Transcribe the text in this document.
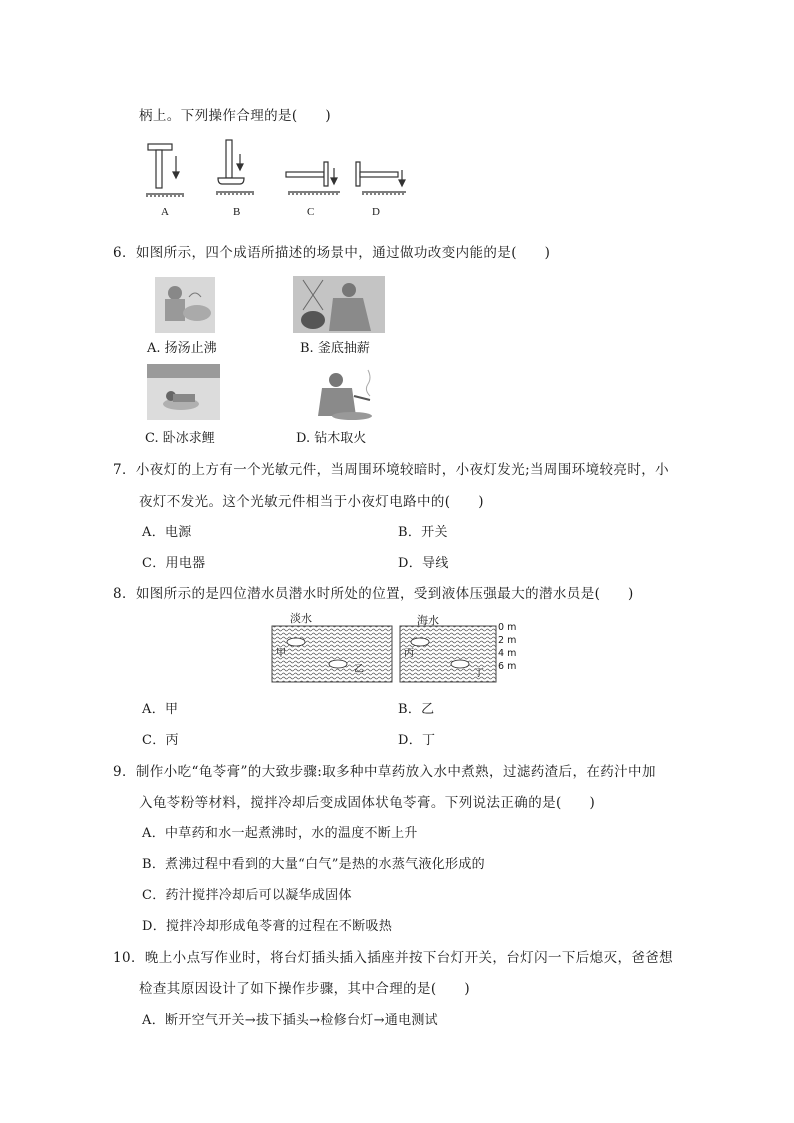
柄上。下列操作合理的是(　　)
A	B	C	D
6．如图所示，四个成语所描述的场景中，通过做功改变内能的是(　　)
A. 扬汤止沸	B. 釜底抽薪
C. 卧冰求鲤	D. 钻木取火
7．小夜灯的上方有一个光敏元件，当周围环境较暗时，小夜灯发光;当周围环境较亮时，小
夜灯不发光。这个光敏元件相当于小夜灯电路中的(　　)
A．电源	B．开关
C．用电器	D．导线
8．如图所示的是四位潜水员潜水时所处的位置，受到液体压强最大的潜水员是(　　)
淡水	海水
甲
乙
丙
丁
0 m
2 m
4 m
6 m
A．甲	B．乙
C．丙	D．丁
9．制作小吃“龟苓膏”的大致步骤:取多种中草药放入水中煮熟，过滤药渣后，在药汁中加
入龟苓粉等材料，搅拌冷却后变成固体状龟苓膏。下列说法正确的是(　　)
A．中草药和水一起煮沸时，水的温度不断上升
B．煮沸过程中看到的大量“白气”是热的水蒸气液化形成的
C．药汁搅拌冷却后可以凝华成固体
D．搅拌冷却形成龟苓膏的过程在不断吸热
10．晚上小点写作业时，将台灯插头插入插座并按下台灯开关，台灯闪一下后熄灭，爸爸想
检查其原因设计了如下操作步骤，其中合理的是(　　)
A．断开空气开关→拔下插头→检修台灯→通电测试
